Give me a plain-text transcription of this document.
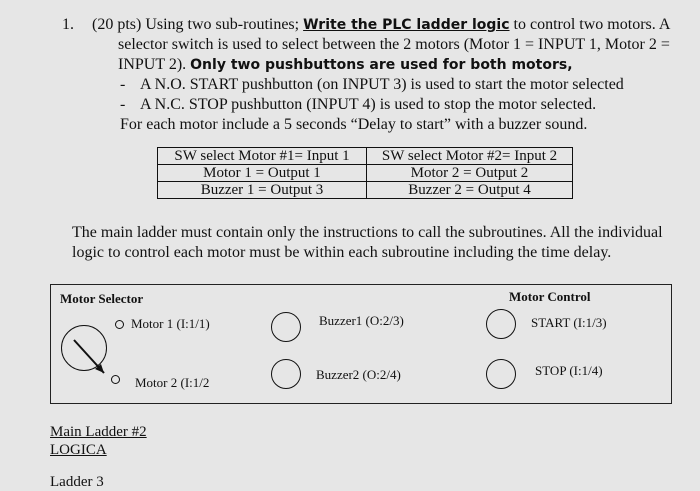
1. (20 pts) Using two sub-routines; Write the PLC ladder logic to control two motors. A
selector switch is used to select between the 2 motors (Motor 1 = INPUT 1, Motor 2 =
INPUT 2). Only two pushbuttons are used for both motors,
- A N.O. START pushbutton (on INPUT 3) is used to start the motor selected
- A N.C. STOP pushbutton (INPUT 4) is used to stop the motor selected.
For each motor include a 5 seconds “Delay to start” with a buzzer sound.
SW select Motor #1= Input 1	SW select Motor #2= Input 2
Motor 1 = Output 1	Motor 2 = Output 2
Buzzer 1 = Output 3	Buzzer 2 = Output 4
The main ladder must contain only the instructions to call the subroutines. All the individual
logic to control each motor must be within each subroutine including the time delay.
Motor Selector	Motor Control
Motor 1 (I:1/1)
Motor 2 (I:1/2
Buzzer1 (O:2/3)
Buzzer2 (O:2/4)
START (I:1/3)
STOP (I:1/4)
Main Ladder #2
LOGICA
Ladder 3
